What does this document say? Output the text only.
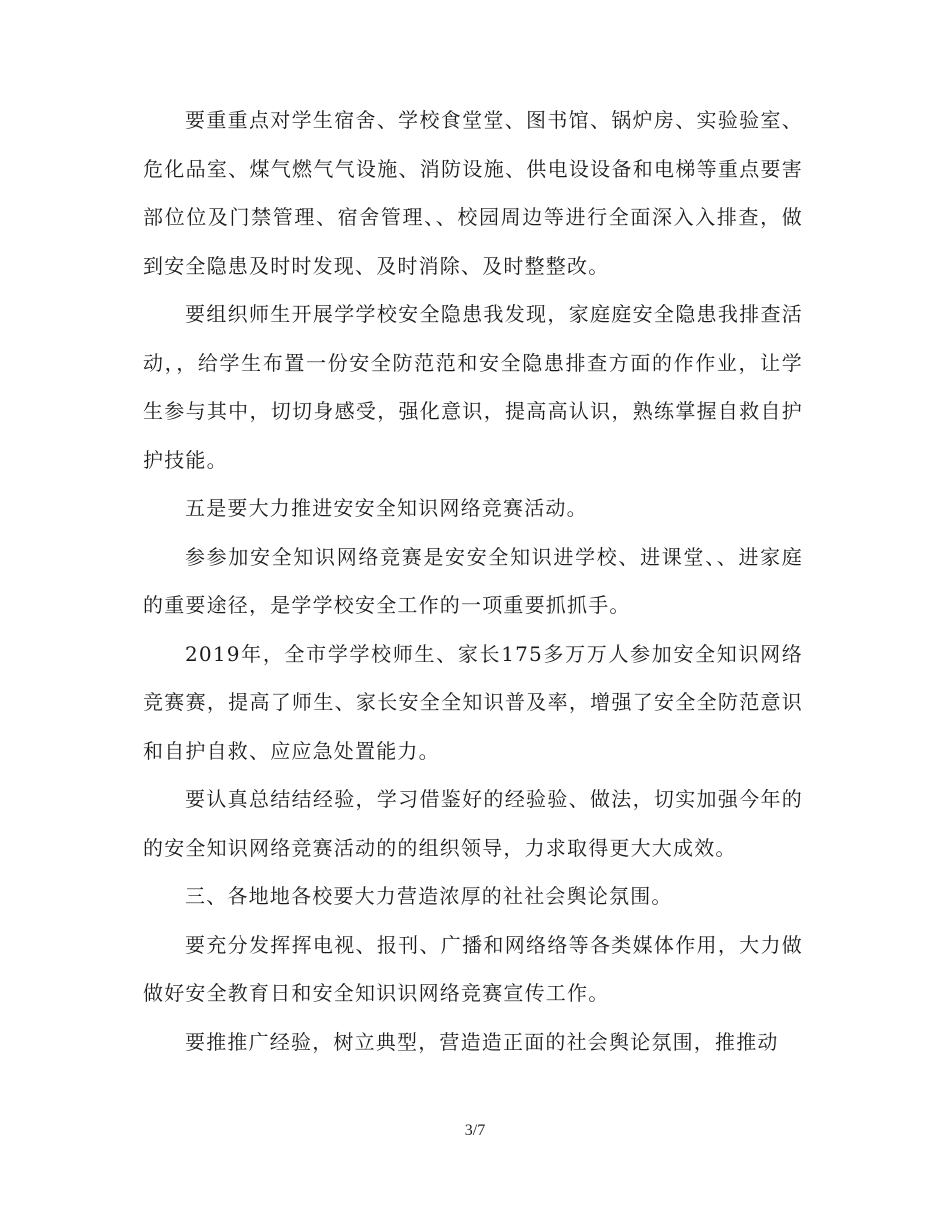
要重重点对学生宿舍、学校食堂堂、图书馆、锅炉房、实验验室、危化品室、煤气燃气气设施、消防设施、供电设设备和电梯等重点要害部位位及门禁管理、宿舍管理、、校园周边等进行全面深入入排查，做到安全隐患及时时发现、及时消除、及时整整改。

要组织师生开展学学校安全隐患我发现，家庭庭安全隐患我排查活动，，给学生布置一份安全防范范和安全隐患排查方面的作作业，让学生参与其中，切切身感受，强化意识，提高高认识，熟练掌握自救自护护技能。

五是要大力推进安安全知识网络竞赛活动。

参参加安全知识网络竞赛是安安全知识进学校、进课堂、、进家庭的重要途径，是学学校安全工作的一项重要抓抓手。

2019年，全市学学校师生、家长175多万万人参加安全知识网络竞赛赛，提高了师生、家长安全全知识普及率，增强了安全全防范意识和自护自救、应应急处置能力。

要认真总结结经验，学习借鉴好的经验验、做法，切实加强今年的的安全知识网络竞赛活动的的组织领导，力求取得更大大成效。

三、各地地各校要大力营造浓厚的社社会舆论氛围。

要充分发挥挥电视、报刊、广播和网络络等各类媒体作用，大力做做好安全教育日和安全知识识网络竞赛宣传工作。

要推推广经验，树立典型，营造造正面的社会舆论氛围，推推动

3/7
